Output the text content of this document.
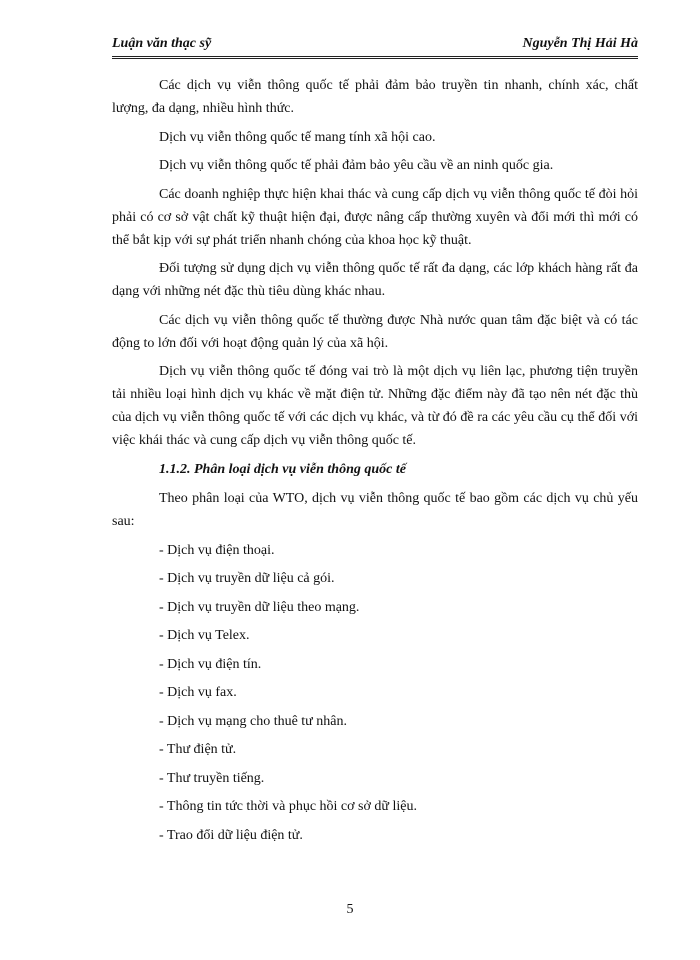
Luận văn thạc sỹ	Nguyễn Thị Hải Hà

Các dịch vụ viễn thông quốc tế phải đảm bảo truyền tin nhanh, chính xác, chất lượng, đa dạng, nhiều hình thức.

Dịch vụ viễn thông quốc tế mang tính xã hội cao.

Dịch vụ viễn thông quốc tế phải đảm bảo yêu cầu về an ninh quốc gia.

Các doanh nghiệp thực hiện khai thác và cung cấp dịch vụ viễn thông quốc tế đòi hỏi phải có cơ sở vật chất kỹ thuật hiện đại, được nâng cấp thường xuyên và đổi mới thì mới có thể bắt kịp với sự phát triển nhanh chóng của khoa học kỹ thuật.

Đối tượng sử dụng dịch vụ viễn thông quốc tế rất đa dạng, các lớp khách hàng rất đa dạng với những nét đặc thù tiêu dùng khác nhau.

Các dịch vụ viễn thông quốc tế thường được Nhà nước quan tâm đặc biệt và có tác động to lớn đối với hoạt động quản lý của xã hội.

Dịch vụ viễn thông quốc tế đóng vai trò là một dịch vụ liên lạc, phương tiện truyền tải nhiều loại hình dịch vụ khác về mặt điện tử. Những đặc điểm này đã tạo nên nét đặc thù của dịch vụ viễn thông quốc tế với các dịch vụ khác, và từ đó đề ra các yêu cầu cụ thể đối với việc khái thác và cung cấp dịch vụ viễn thông quốc tế.

1.1.2. Phân loại dịch vụ viễn thông quốc tế

Theo phân loại của WTO, dịch vụ viễn thông quốc tế bao gồm các dịch vụ chủ yếu sau:

- Dịch vụ điện thoại.

- Dịch vụ truyền dữ liệu cả gói.

- Dịch vụ truyền dữ liệu theo mạng.

- Dịch vụ Telex.

- Dịch vụ điện tín.

- Dịch vụ fax.

- Dịch vụ mạng cho thuê tư nhân.

- Thư điện tử.

- Thư truyền tiếng.

- Thông tin tức thời và phục hồi cơ sở dữ liệu.

- Trao đổi dữ liệu điện tử.

5
